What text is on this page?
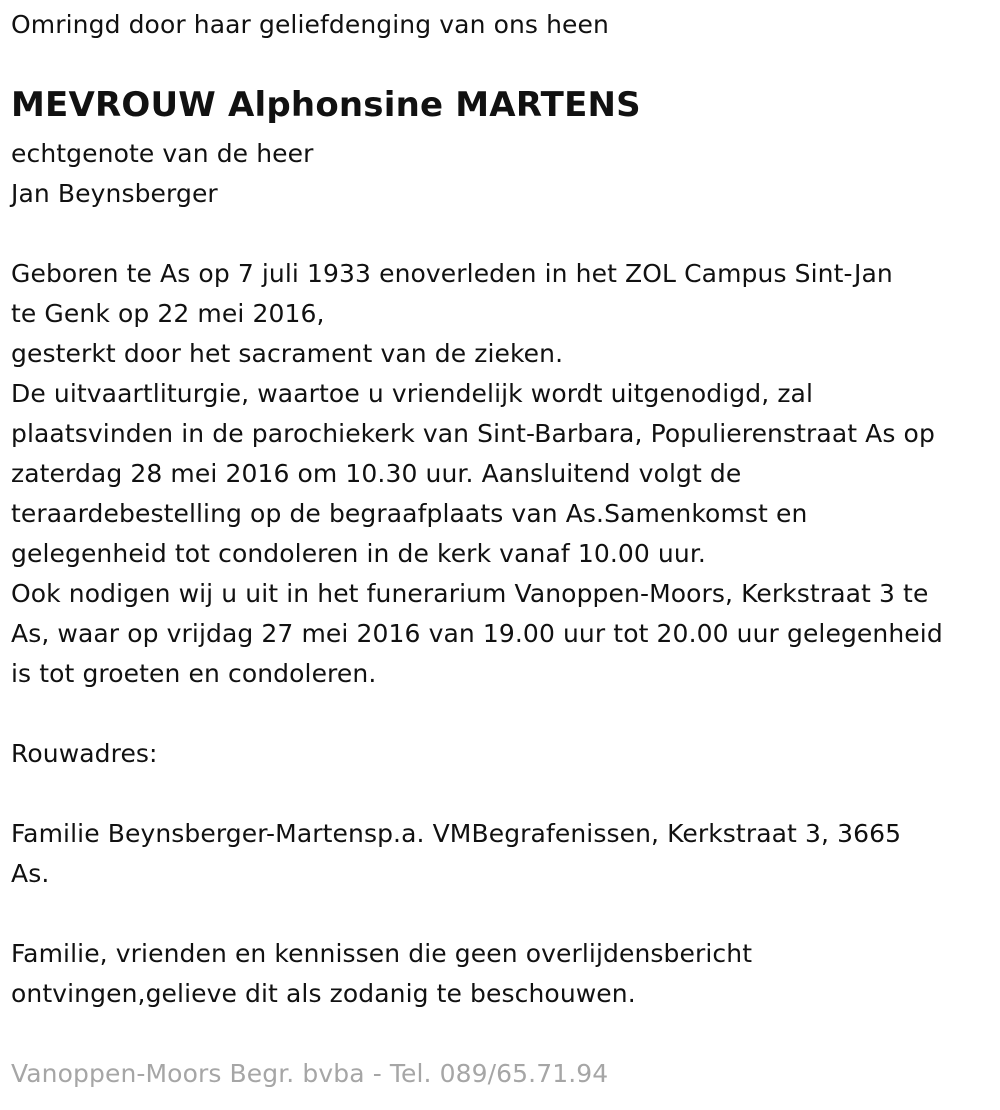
Omringd door haar geliefdenging van ons heen
MEVROUW Alphonsine MARTENS
echtgenote van de heer
Jan Beynsberger
Geboren te As op 7 juli 1933 enoverleden in het ZOL Campus Sint-Jan
te Genk op 22 mei 2016,
gesterkt door het sacrament van de zieken.
De uitvaartliturgie, waartoe u vriendelijk wordt uitgenodigd, zal
plaatsvinden in de parochiekerk van Sint-Barbara, Populierenstraat As op
zaterdag 28 mei 2016 om 10.30 uur. Aansluitend volgt de
teraardebestelling op de begraafplaats van As.Samenkomst en
gelegenheid tot condoleren in de kerk vanaf 10.00 uur.
Ook nodigen wij u uit in het funerarium Vanoppen-Moors, Kerkstraat 3 te
As, waar op vrijdag 27 mei 2016 van 19.00 uur tot 20.00 uur gelegenheid
is tot groeten en condoleren.
Rouwadres:
Familie Beynsberger-Martensp.a. VMBegrafenissen, Kerkstraat 3, 3665
As.
Familie, vrienden en kennissen die geen overlijdensbericht
ontvingen,gelieve dit als zodanig te beschouwen.
Vanoppen-Moors Begr. bvba - Tel. 089/65.71.94
